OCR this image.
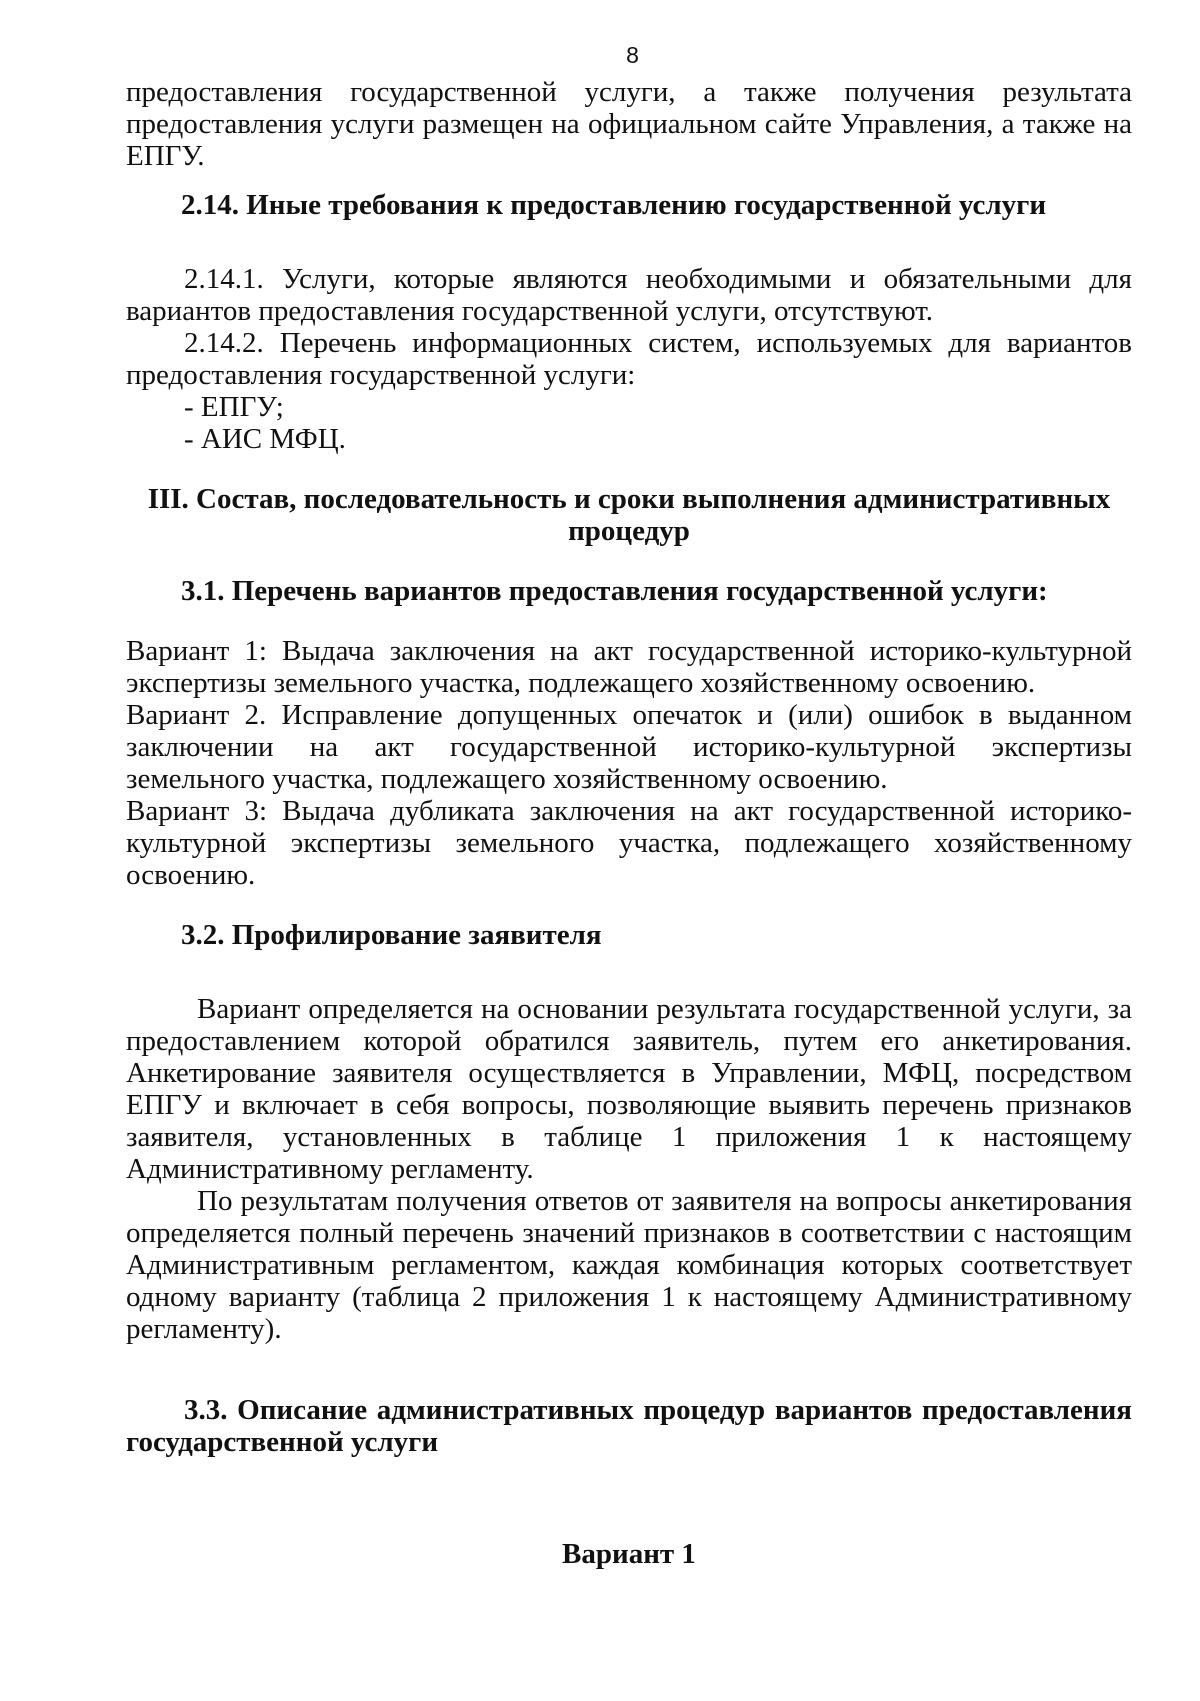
8

предоставления государственной услуги, а также получения результата предоставления услуги размещен на официальном сайте Управления, а также на ЕПГУ.

2.14. Иные требования к предоставлению государственной услуги

2.14.1. Услуги, которые являются необходимыми и обязательными для вариантов предоставления государственной услуги, отсутствуют.

2.14.2. Перечень информационных систем, используемых для вариантов предоставления государственной услуги:

- ЕПГУ;

- АИС МФЦ.

III. Состав, последовательность и сроки выполнения административных процедур

3.1. Перечень вариантов предоставления государственной услуги:

Вариант 1: Выдача заключения на акт государственной историко-культурной экспертизы земельного участка, подлежащего хозяйственному освоению.

Вариант 2. Исправление допущенных опечаток и (или) ошибок в выданном заключении на акт государственной историко-культурной экспертизы земельного участка, подлежащего хозяйственному освоению.

Вариант 3: Выдача дубликата заключения на акт государственной историко-культурной экспертизы земельного участка, подлежащего хозяйственному освоению.

3.2. Профилирование заявителя

Вариант определяется на основании результата государственной услуги, за предоставлением которой обратился заявитель, путем его анкетирования. Анкетирование заявителя осуществляется в Управлении, МФЦ, посредством ЕПГУ и включает в себя вопросы, позволяющие выявить перечень признаков заявителя, установленных в таблице 1 приложения 1 к настоящему Административному регламенту.

По результатам получения ответов от заявителя на вопросы анкетирования определяется полный перечень значений признаков в соответствии с настоящим Административным регламентом, каждая комбинация которых соответствует одному варианту (таблица 2 приложения 1 к настоящему Административному регламенту).

3.3. Описание административных процедур вариантов предоставления государственной услуги

Вариант 1
